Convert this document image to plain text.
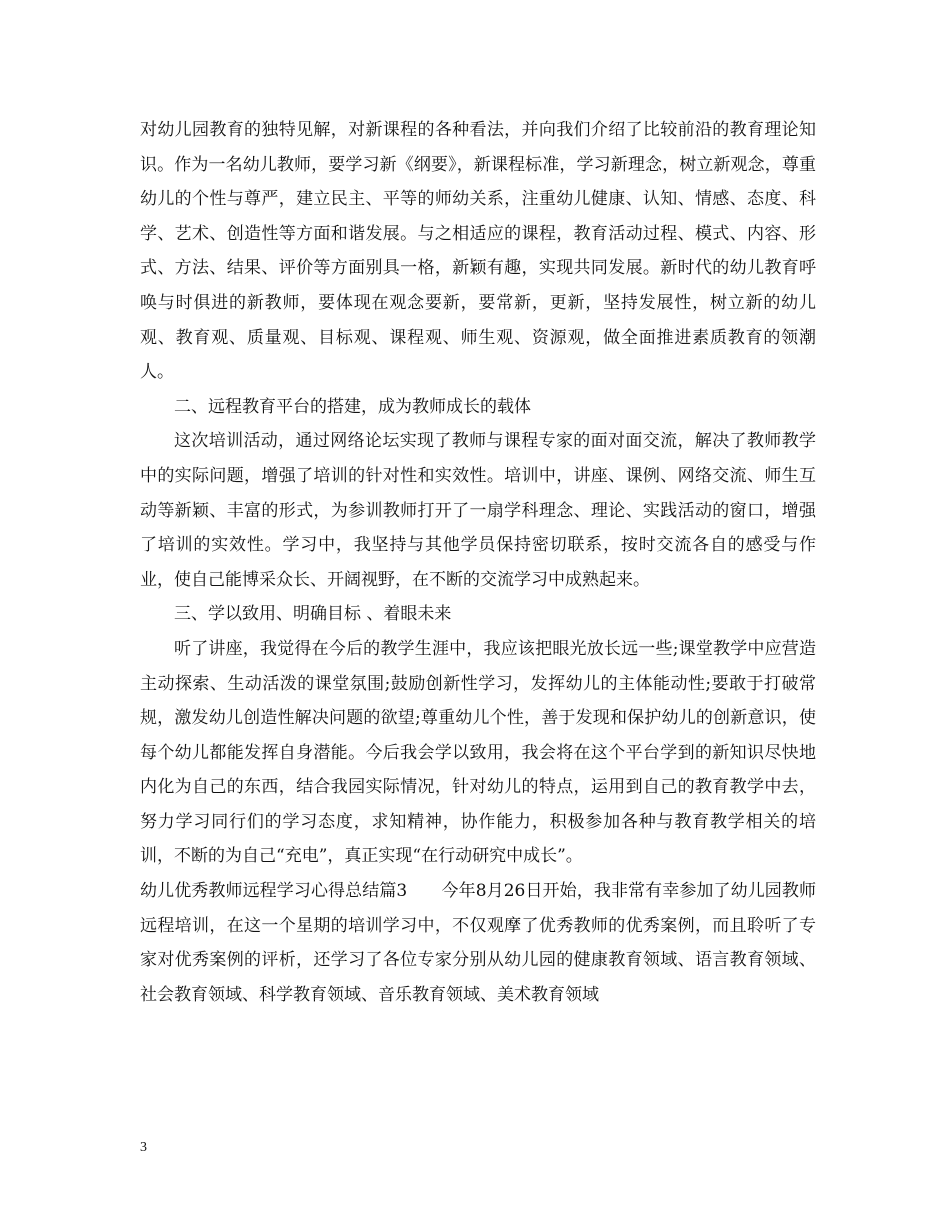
对幼儿园教育的独特见解，对新课程的各种看法，并向我们介绍了比较前沿的教育理论知识。作为一名幼儿教师，要学习新《纲要》，新课程标准，学习新理念，树立新观念，尊重幼儿的个性与尊严，建立民主、平等的师幼关系，注重幼儿健康、认知、情感、态度、科学、艺术、创造性等方面和谐发展。与之相适应的课程，教育活动过程、模式、内容、形式、方法、结果、评价等方面别具一格，新颖有趣，实现共同发展。新时代的幼儿教育呼唤与时俱进的新教师，要体现在观念要新，要常新，更新，坚持发展性，树立新的幼儿观、教育观、质量观、目标观、课程观、师生观、资源观，做全面推进素质教育的领潮人。

二、远程教育平台的搭建，成为教师成长的载体

这次培训活动，通过网络论坛实现了教师与课程专家的面对面交流，解决了教师教学中的实际问题，增强了培训的针对性和实效性。培训中，讲座、课例、网络交流、师生互动等新颖、丰富的形式，为参训教师打开了一扇学科理念、理论、实践活动的窗口，增强了培训的实效性。学习中，我坚持与其他学员保持密切联系，按时交流各自的感受与作业，使自己能博采众长、开阔视野，在不断的交流学习中成熟起来。

三、学以致用、明确目标 、着眼未来

听了讲座，我觉得在今后的教学生涯中，我应该把眼光放长远一些;课堂教学中应营造主动探索、生动活泼的课堂氛围;鼓励创新性学习，发挥幼儿的主体能动性;要敢于打破常规，激发幼儿创造性解决问题的欲望;尊重幼儿个性，善于发现和保护幼儿的创新意识，使每个幼儿都能发挥自身潜能。今后我会学以致用，我会将在这个平台学到的新知识尽快地内化为自己的东西，结合我园实际情况，针对幼儿的特点，运用到自己的教育教学中去，努力学习同行们的学习态度，求知精神，协作能力，积极参加各种与教育教学相关的培训，不断的为自己“充电”，真正实现“在行动研究中成长”。

幼儿优秀教师远程学习心得总结篇3　　今年8月26日开始，我非常有幸参加了幼儿园教师远程培训，在这一个星期的培训学习中，不仅观摩了优秀教师的优秀案例，而且聆听了专家对优秀案例的评析，还学习了各位专家分别从幼儿园的健康教育领域、语言教育领域、社会教育领域、科学教育领域、音乐教育领域、美术教育领域

3
